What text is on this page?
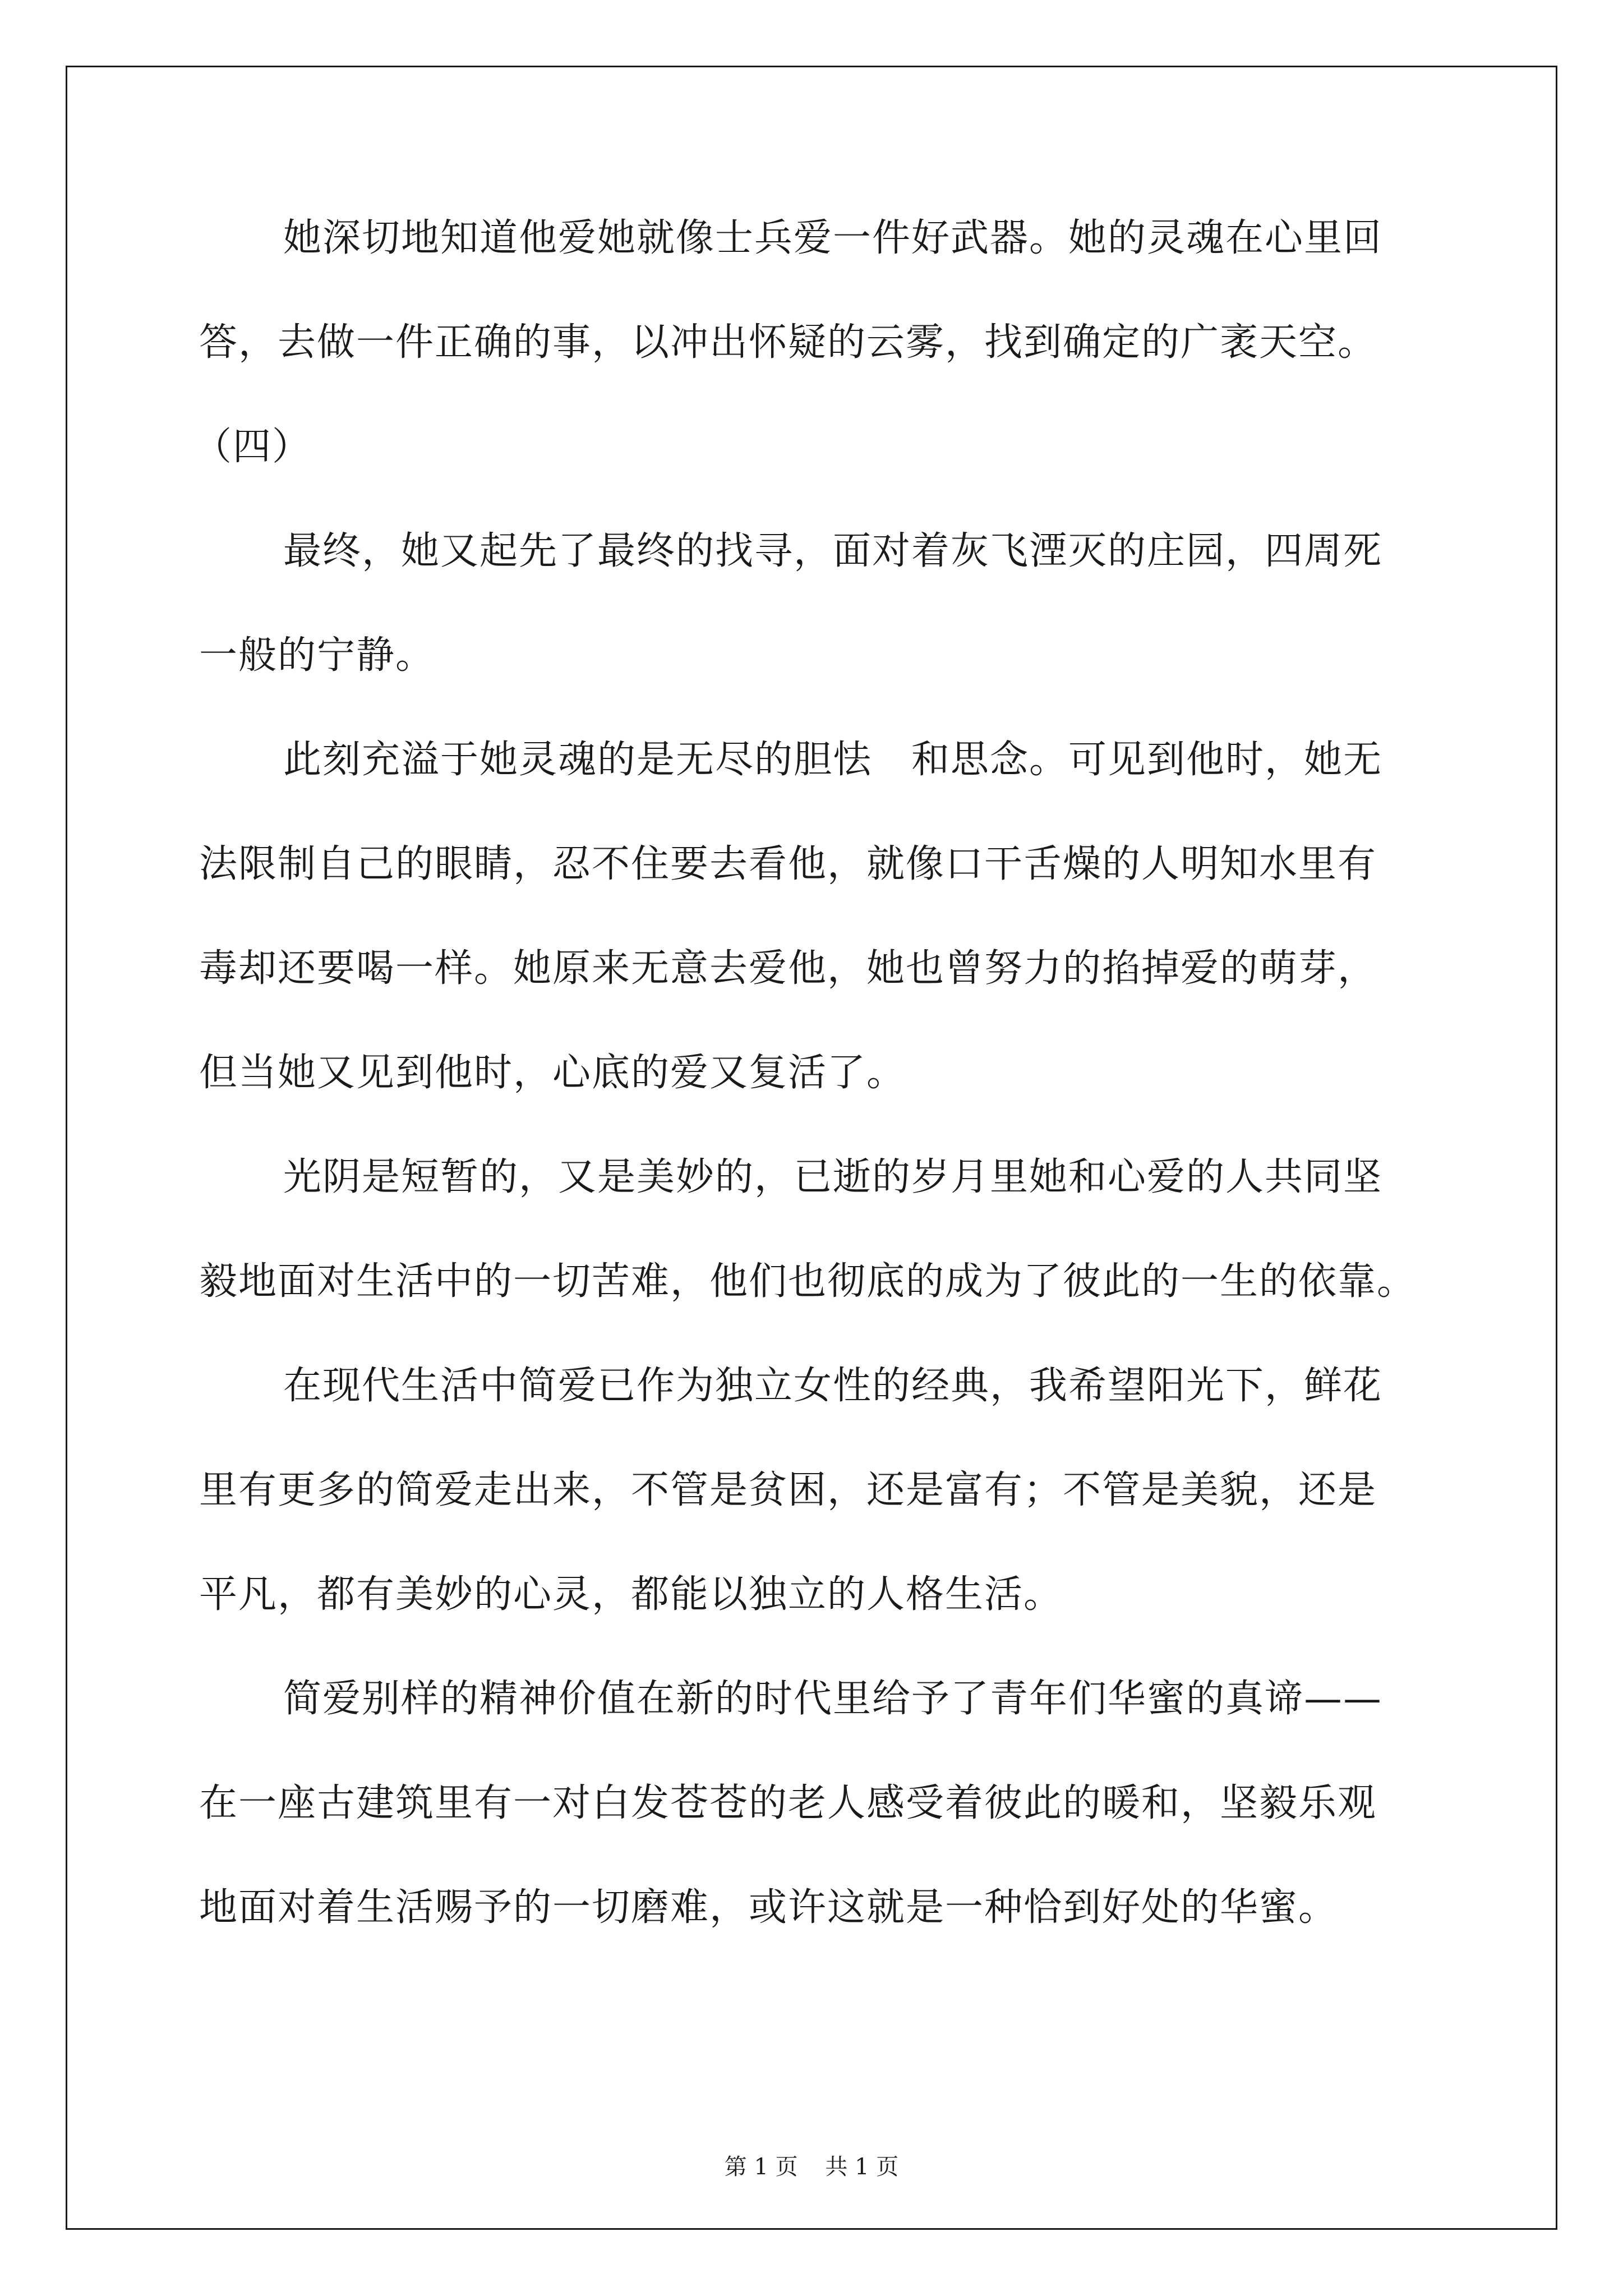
她深切地知道他爱她就像士兵爱一件好武器。她的灵魂在心里回
答，去做一件正确的事，以冲出怀疑的云雾，找到确定的广袤天空。
（四）
最终，她又起先了最终的找寻，面对着灰飞湮灭的庄园，四周死
一般的宁静。
此刻充溢于她灵魂的是无尽的胆怯　和思念。可见到他时，她无
法限制自己的眼睛，忍不住要去看他，就像口干舌燥的人明知水里有
毒却还要喝一样。她原来无意去爱他，她也曾努力的掐掉爱的萌芽，
但当她又见到他时，心底的爱又复活了。
光阴是短暂的，又是美妙的，已逝的岁月里她和心爱的人共同坚
毅地面对生活中的一切苦难，他们也彻底的成为了彼此的一生的依靠。
在现代生活中简爱已作为独立女性的经典，我希望阳光下，鲜花
里有更多的简爱走出来，不管是贫困，还是富有；不管是美貌，还是
平凡，都有美妙的心灵，都能以独立的人格生活。
简爱别样的精神价值在新的时代里给予了青年们华蜜的真谛——
在一座古建筑里有一对白发苍苍的老人感受着彼此的暖和，坚毅乐观
地面对着生活赐予的一切磨难，或许这就是一种恰到好处的华蜜。
第 1 页 共 1 页
